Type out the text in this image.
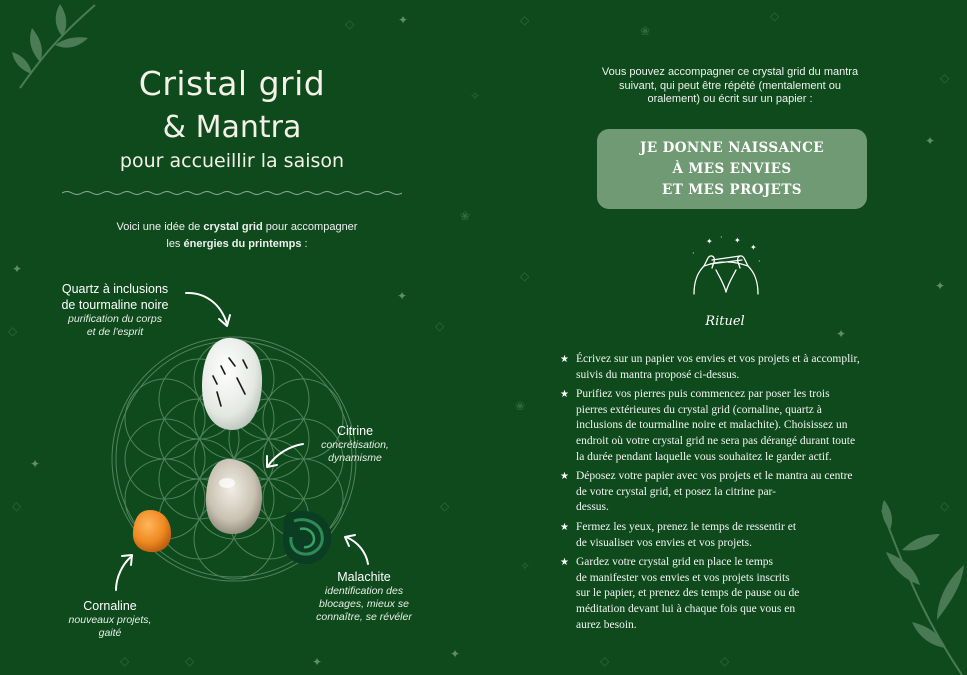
✦
✦
✦
✦
✦
✦
✦
✦
✦
◇
◇
✧
❀
◇
◇
❀
◇
✧
◇
◇
◇
◇
◇
❀
◇
◇
◇	◇
Cristal grid
& Mantra
pour accueillir la saison
Voici une idée de crystal grid pour accompagner
les énergies du printemps :
Quartz à inclusions
de tourmaline noire
purification du corps
et de l'esprit
Citrine
concrétisation,
dynamisme
Malachite
identification des
blocages, mieux se
connaître, se révéler
Cornaline
nouveaux projets,
gaité
Vous pouvez accompagner ce crystal grid du mantra
suivant, qui peut être répété (mentalement ou
oralement) ou écrit sur un papier :
JE DONNE NAISSANCE
À MES ENVIES
ET MES PROJETS
✦	✦
✦
·
·
·
Rituel
★ Écrivez sur un papier vos envies et vos projets et à accomplir,
suivis du mantra proposé ci-dessus.
★ Purifiez vos pierres puis commencez par poser les trois
pierres extérieures du crystal grid (cornaline, quartz à
inclusions de tourmaline noire et malachite). Choisissez un
endroit où votre crystal grid ne sera pas dérangé durant toute
la durée pendant laquelle vous souhaitez le garder actif.
★ Déposez votre papier avec vos projets et le mantra au centre
de votre crystal grid, et posez la citrine par-
dessus.
★ Fermez les yeux, prenez le temps de ressentir et
de visualiser vos envies et vos projets.
★ Gardez votre crystal grid en place le temps
de manifester vos envies et vos projets inscrits
sur le papier, et prenez des temps de pause ou de
méditation devant lui à chaque fois que vous en
aurez besoin.
